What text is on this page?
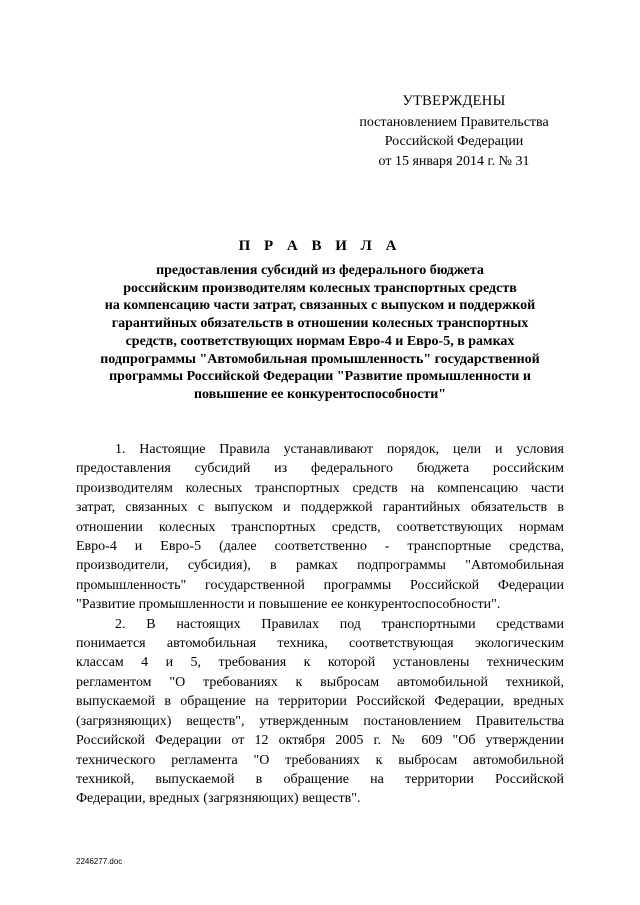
УТВЕРЖДЕНЫ
постановлением Правительства
Российской Федерации
от 15 января 2014 г. № 31
П Р А В И Л А
предоставления субсидий из федерального бюджета
российским производителям колесных транспортных средств
на компенсацию части затрат, связанных с выпуском и поддержкой
гарантийных обязательств в отношении колесных транспортных
средств, соответствующих нормам Евро-4 и Евро-5, в рамках
подпрограммы "Автомобильная промышленность" государственной
программы Российской Федерации "Развитие промышленности и
повышение ее конкурентоспособности"
1. Настоящие Правила устанавливают порядок, цели и условия
предоставления субсидий из федерального бюджета российским
производителям колесных транспортных средств на компенсацию части
затрат, связанных с выпуском и поддержкой гарантийных обязательств в
отношении колесных транспортных средств, соответствующих нормам
Евро-4 и Евро-5 (далее соответственно - транспортные средства,
производители, субсидия), в рамках подпрограммы "Автомобильная
промышленность" государственной программы Российской Федерации
"Развитие промышленности и повышение ее конкурентоспособности".
2. В настоящих Правилах под транспортными средствами
понимается автомобильная техника, соответствующая экологическим
классам 4 и 5, требования к которой установлены техническим
регламентом "О требованиях к выбросам автомобильной техникой,
выпускаемой в обращение на территории Российской Федерации, вредных
(загрязняющих) веществ", утвержденным постановлением Правительства
Российской Федерации от 12 октября 2005 г. № 609 "Об утверждении
технического регламента "О требованиях к выбросам автомобильной
техникой, выпускаемой в обращение на территории Российской
Федерации, вредных (загрязняющих) веществ".
2246277.doc
